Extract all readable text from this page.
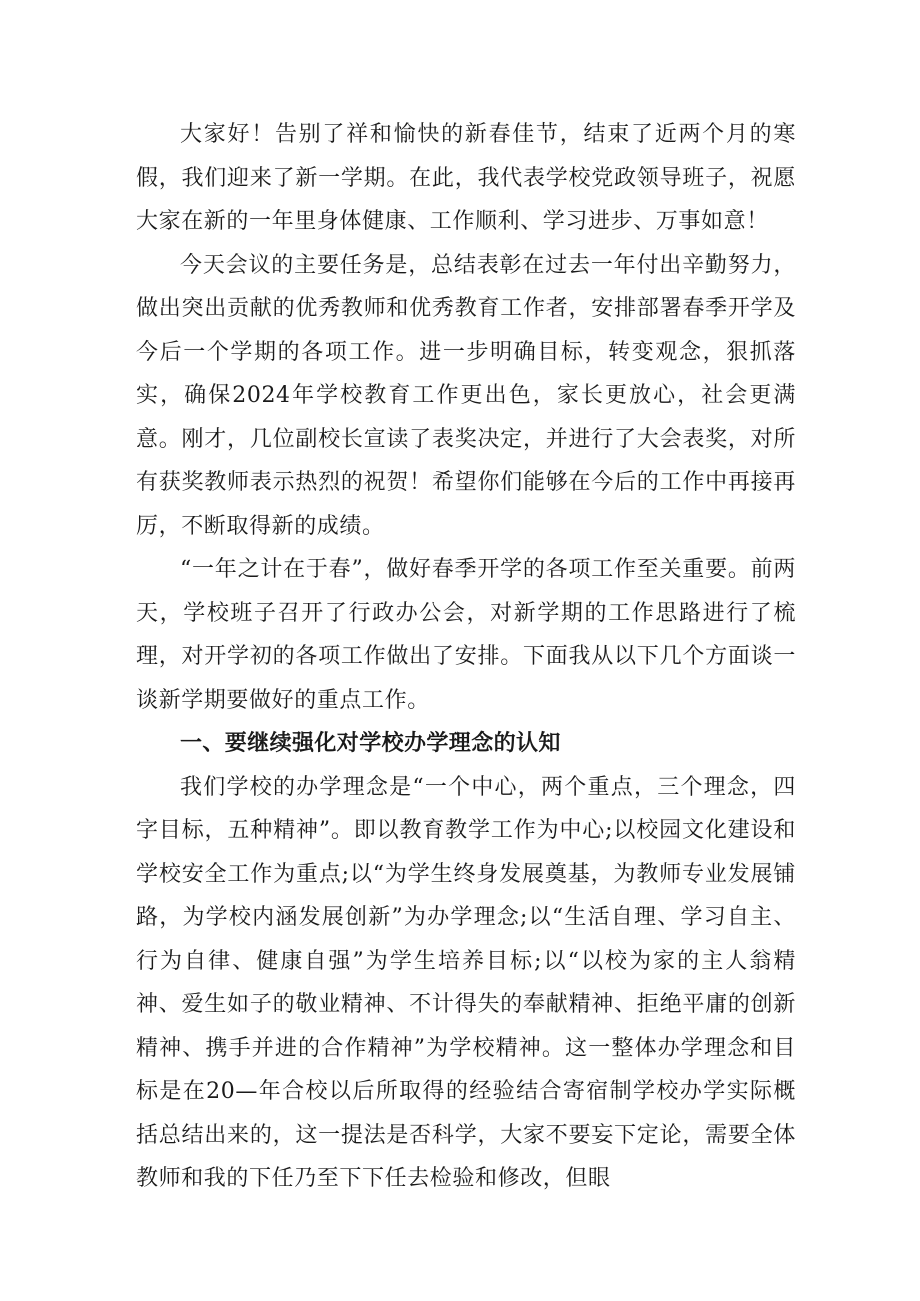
大家好！告别了祥和愉快的新春佳节，结束了近两个月的寒假，我们迎来了新一学期。在此，我代表学校党政领导班子，祝愿大家在新的一年里身体健康、工作顺利、学习进步、万事如意！

今天会议的主要任务是，总结表彰在过去一年付出辛勤努力，做出突出贡献的优秀教师和优秀教育工作者，安排部署春季开学及今后一个学期的各项工作。进一步明确目标，转变观念，狠抓落实，确保2024年学校教育工作更出色，家长更放心，社会更满意。刚才，几位副校长宣读了表奖决定，并进行了大会表奖，对所有获奖教师表示热烈的祝贺！希望你们能够在今后的工作中再接再厉，不断取得新的成绩。

“一年之计在于春”，做好春季开学的各项工作至关重要。前两天，学校班子召开了行政办公会，对新学期的工作思路进行了梳理，对开学初的各项工作做出了安排。下面我从以下几个方面谈一谈新学期要做好的重点工作。

一、要继续强化对学校办学理念的认知

我们学校的办学理念是“一个中心，两个重点，三个理念，四字目标，五种精神”。即以教育教学工作为中心;以校园文化建设和学校安全工作为重点;以“为学生终身发展奠基，为教师专业发展铺路，为学校内涵发展创新”为办学理念;以“生活自理、学习自主、行为自律、健康自强”为学生培养目标;以“以校为家的主人翁精神、爱生如子的敬业精神、不计得失的奉献精神、拒绝平庸的创新精神、携手并进的合作精神”为学校精神。这一整体办学理念和目标是在20—年合校以后所取得的经验结合寄宿制学校办学实际概括总结出来的，这一提法是否科学，大家不要妄下定论，需要全体教师和我的下任乃至下下任去检验和修改，但眼
